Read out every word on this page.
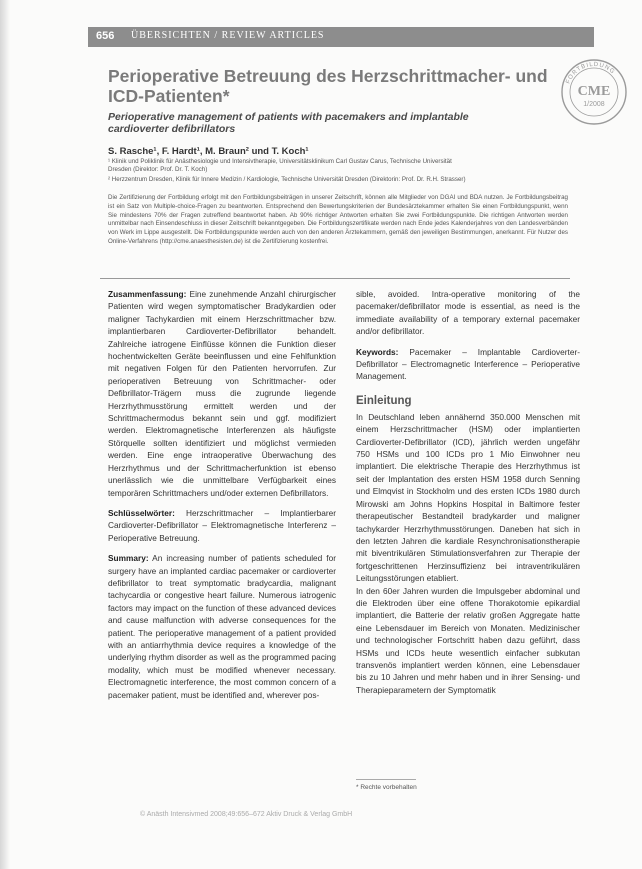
656 ÜBERSICHTEN / REVIEW ARTICLES
FORTBILDUNG
CME
1/2008
Perioperative Betreuung des Herzschrittmacher- und
ICD-Patienten*
Perioperative management of patients with pacemakers and implantable
cardioverter defibrillators
S. Rasche¹, F. Hardt¹, M. Braun² und T. Koch¹
¹ Klinik und Poliklinik für Anästhesiologie und Intensivtherapie, Universitätsklinikum Carl Gustav Carus, Technische Universität
Dresden (Direktor: Prof. Dr. T. Koch)
² Herzzentrum Dresden, Klinik für Innere Medizin / Kardiologie, Technische Universität Dresden (Direktorin: Prof. Dr. R.H. Strasser)
Die Zertifizierung der Fortbildung erfolgt mit den Fortbildungsbeiträgen in unserer Zeitschrift, können alle Mitglieder von DGAI und BDA nutzen. Je Fortbildungsbeitrag ist ein Satz von Multiple-choice-Fragen zu beantworten. Entsprechend den Bewertungskriterien der Bundesärztekammer erhalten Sie einen Fortbildungspunkt, wenn Sie mindestens 70% der Fragen zutreffend beantwortet haben. Ab 90% richtiger Antworten erhalten Sie zwei Fortbildungspunkte. Die richtigen Antworten werden unmittelbar nach Einsendeschluss in dieser Zeitschrift bekanntgegeben. Die Fortbildungszertifikate werden nach Ende jedes Kalenderjahres von den Landesverbänden von Werk im Lippe ausgestellt. Die Fortbildungspunkte werden auch von den anderen Ärztekammern, gemäß den jeweiligen Bestimmungen, anerkannt. Für Nutzer des Online-Verfahrens (http://cme.anaesthesisten.de) ist die Zertifizierung kostenfrei.

Zusammenfassung: Eine zunehmende Anzahl chirurgischer Patienten wird wegen symptomatischer Bradykardien oder maligner Tachykardien mit einem Herzschrittmacher bzw. implantierbaren Cardioverter-Defibrillator behandelt. Zahlreiche iatrogene Einflüsse können die Funktion dieser hochentwickelten Geräte beeinflussen und eine Fehlfunktion mit negativen Folgen für den Patienten hervorrufen. Zur perioperativen Betreuung von Schrittmacher- oder Defibrillator-Trägern muss die zugrunde liegende Herzrhythmusstörung ermittelt werden und der Schrittmachermodus bekannt sein und ggf. modifiziert werden. Elektromagnetische Interferenzen als häufigste Störquelle sollten identifiziert und möglichst vermieden werden. Eine enge intraoperative Überwachung des Herzrhythmus und der Schrittmacherfunktion ist ebenso unerlässlich wie die unmittelbare Verfügbarkeit eines temporären Schrittmachers und/oder externen Defibrillators.

Schlüsselwörter: Herzschrittmacher – Implantierbarer Cardioverter-Defibrillator – Elektromagnetische Interferenz – Perioperative Betreuung.

Summary: An increasing number of patients scheduled for surgery have an implanted cardiac pacemaker or cardioverter defibrillator to treat symptomatic bradycardia, malignant tachycardia or congestive heart failure. Numerous iatrogenic factors may impact on the function of these advanced devices and cause malfunction with adverse consequences for the patient. The perioperative management of a patient provided with an antiarrhythmia device requires a knowledge of the underlying rhythm disorder as well as the programmed pacing modality, which must be modified whenever necessary. Electromagnetic interference, the most common concern of a pacemaker patient, must be identified and, wherever pos-

sible, avoided. Intra-operative monitoring of the pacemaker/defibrillator mode is essential, as need is the immediate availability of a temporary external pacemaker and/or defibrillator.

Keywords: Pacemaker – Implantable Cardioverter-Defibrillator – Electromagnetic Interference – Perioperative Management.

Einleitung

In Deutschland leben annähernd 350.000 Menschen mit einem Herzschrittmacher (HSM) oder implantierten Cardioverter-Defibrillator (ICD), jährlich werden ungefähr 750 HSMs und 100 ICDs pro 1 Mio Einwohner neu implantiert. Die elektrische Therapie des Herzrhythmus ist seit der Implantation des ersten HSM 1958 durch Senning und Elmqvist in Stockholm und des ersten ICDs 1980 durch Mirowski am Johns Hopkins Hospital in Baltimore fester therapeutischer Bestandteil bradykarder und maligner tachykarder Herzrhythmusstörungen. Daneben hat sich in den letzten Jahren die kardiale Resynchronisationstherapie mit biventrikulären Stimulationsverfahren zur Therapie der fortgeschrittenen Herzinsuffizienz bei intraventrikulären Leitungsstörungen etabliert.

In den 60er Jahren wurden die Impulsgeber abdominal und die Elektroden über eine offene Thorakotomie epikardial implantiert, die Batterie der relativ großen Aggregate hatte eine Lebensdauer im Bereich von Monaten. Medizinischer und technologischer Fortschritt haben dazu geführt, dass HSMs und ICDs heute wesentlich einfacher subkutan transvenös implantiert werden können, eine Lebensdauer bis zu 10 Jahren und mehr haben und in ihrer Sensing- und Therapieparametern der Symptomatik

* Rechte vorbehalten
© Anästh Intensivmed 2008;49:656–672 Aktiv Druck & Verlag GmbH
